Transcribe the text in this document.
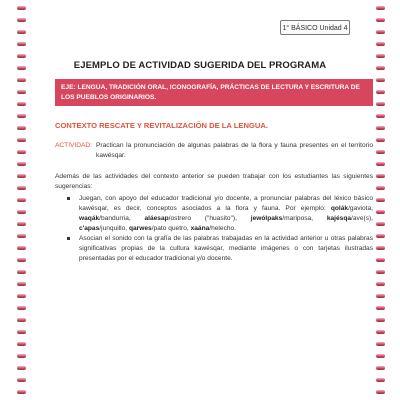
1° BÁSICO Unidad 4
EJEMPLO DE ACTIVIDAD SUGERIDA DEL PROGRAMA
EJE: LENGUA, TRADICIÓN ORAL, ICONOGRAFÍA, PRÁCTICAS DE LECTURA Y ESCRITURA DE LOS PUEBLOS ORIGINARIOS.
CONTEXTO RESCATE Y REVITALIZACIÓN DE LA LENGUA.
ACTIVIDAD: Practican la pronunciación de algunas palabras de la flora y fauna presentes en el territorio kawésqar.
Además de las actividades del contexto anterior se pueden trabajar con los estudiantes las siguientes sugerencias:
Juegan, con apoyo del educador tradicional y/o docente, a pronunciar palabras del léxico básico kawésqar, es decir, conceptos asociados a la flora y fauna. Por ejemplo: qolák/gaviota, waqák/bandurria, aláesap/ostrero ("huasito"), jewólpaks/mariposa, kajésqa/ave(s), c'apas/junquillo, qarwes/pato quetro, xaána/helecho.
Asocian el sonido con la grafía de las palabras trabajadas en la actividad anterior u otras palabras significativas propias de la cultura kawésqar, mediante imágenes o con tarjetas ilustradas presentadas por el educador tradicional y/o docente.
